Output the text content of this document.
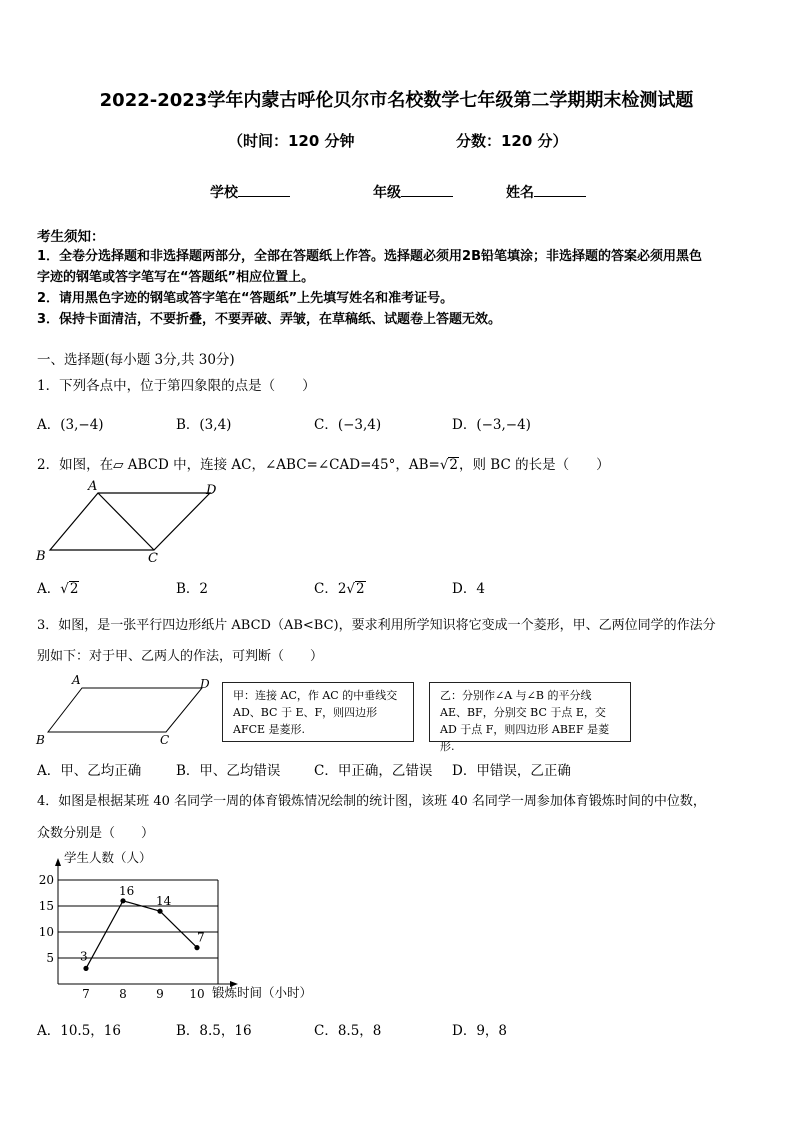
2022-2023学年内蒙古呼伦贝尔市名校数学七年级第二学期期末检测试题
（时间：120 分钟	分数：120 分）
学校	年级	姓名
考生须知：
1．全卷分选择题和非选择题两部分，全部在答题纸上作答。选择题必须用2B铅笔填涂；非选择题的答案必须用黑色
字迹的钢笔或答字笔写在“答题纸”相应位置上。
2．请用黑色字迹的钢笔或答字笔在“答题纸”上先填写姓名和准考证号。
3．保持卡面清洁，不要折叠，不要弄破、弄皱，在草稿纸、试题卷上答题无效。
一、选择题(每小题 3分,共 30分)
1．下列各点中，位于第四象限的点是（　　）
A．(3,−4)	B．(3,4)	C．(−3,4)	D．(−3,−4)
2．如图，在▱ ABCD 中，连接 AC，∠ABC=∠CAD=45°，AB=√2，则 BC 的长是（　　）
A	D
B	C
A．√2	B．2	C．2√2	D．4
3．如图，是一张平行四边形纸片 ABCD（AB<BC)，要求利用所学知识将它变成一个菱形，甲、乙两位同学的作法分
别如下：对于甲、乙两人的作法，可判断（　　）
A	D
B	C
甲：连接 AC，作 AC 的中垂线交 AD、BC 于 E、F，则四边形 AFCE 是菱形.
乙：分别作∠A 与∠B 的平分线 AE、BF，分别交 BC 于点 E，交 AD 于点 F，则四边形 ABEF 是菱形.
A．甲、乙均正确	B．甲、乙均错误 C．甲正确，乙错误 D．甲错误，乙正确
4．如图是根据某班 40 名同学一周的体育锻炼情况绘制的统计图，该班 40 名同学一周参加体育锻炼时间的中位数，
众数分别是（　　）
学生人数（人）
锻炼时间（小时）
5
10
15
20
7 8 9 10
3
16
14
7
A．10.5，16	B．8.5，16	C．8.5，8	D．9，8
